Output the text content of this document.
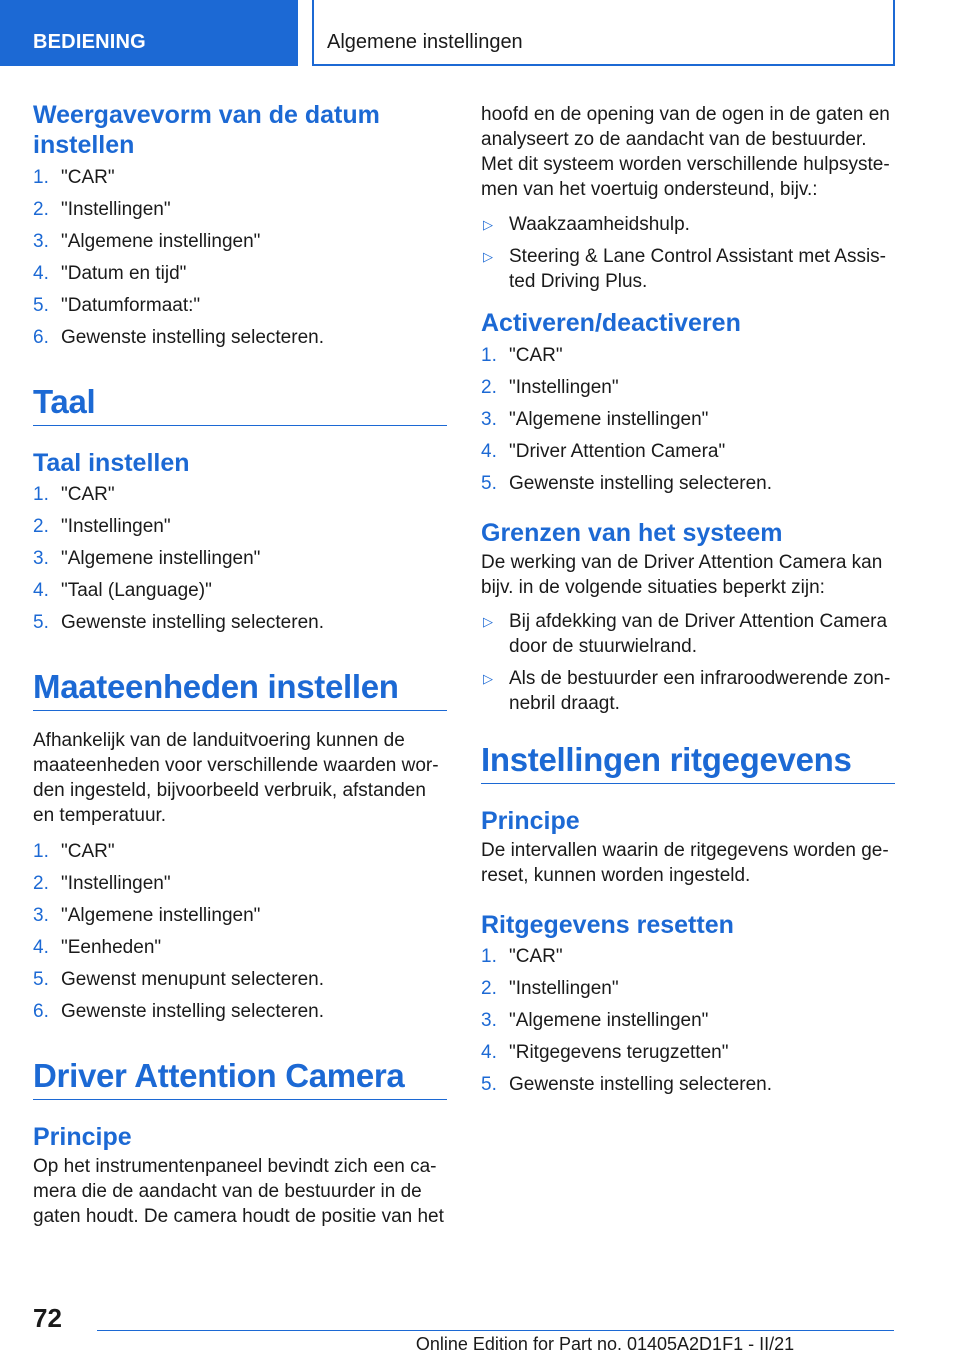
BEDIENING	Algemene instellingen
Weergavevorm van de datum instellen
1. "CAR"
2. "Instellingen"
3. "Algemene instellingen"
4. "Datum en tijd"
5. "Datumformaat:"
6. Gewenste instelling selecteren.
Taal
Taal instellen
1. "CAR"
2. "Instellingen"
3. "Algemene instellingen"
4. "Taal (Language)"
5. Gewenste instelling selecteren.
Maateenheden instellen

Afhankelijk van de landuitvoering kunnen de maateenheden voor verschillende waarden wor-den ingesteld, bijvoorbeeld verbruik, afstanden en temperatuur.

1. "CAR"
2. "Instellingen"
3. "Algemene instellingen"
4. "Eenheden"
5. Gewenst menupunt selecteren.
6. Gewenste instelling selecteren.
Driver Attention Camera
Principe

Op het instrumentenpaneel bevindt zich een ca-mera die de aandacht van de bestuurder in de gaten houdt. De camera houdt de positie van het

hoofd en de opening van de ogen in de gaten en analyseert zo de aandacht van de bestuurder. Met dit systeem worden verschillende hulpsyste-men van het voertuig ondersteund, bijv.:

▷ Waakzaamheidshulp.
▷ Steering & Lane Control Assistant met Assis-ted Driving Plus.
Activeren/deactiveren
1. "CAR"
2. "Instellingen"
3. "Algemene instellingen"
4. "Driver Attention Camera"
5. Gewenste instelling selecteren.
Grenzen van het systeem

De werking van de Driver Attention Camera kan bijv. in de volgende situaties beperkt zijn:

▷ Bij afdekking van de Driver Attention Camera door de stuurwielrand.
▷ Als de bestuurder een infraroodwerende zon-nebril draagt.
Instellingen ritgegevens
Principe

De intervallen waarin de ritgegevens worden ge-reset, kunnen worden ingesteld.

Ritgegevens resetten
1. "CAR"
2. "Instellingen"
3. "Algemene instellingen"
4. "Ritgegevens terugzetten"
5. Gewenste instelling selecteren.
72
Online Edition for Part no. 01405A2D1F1 - II/21
